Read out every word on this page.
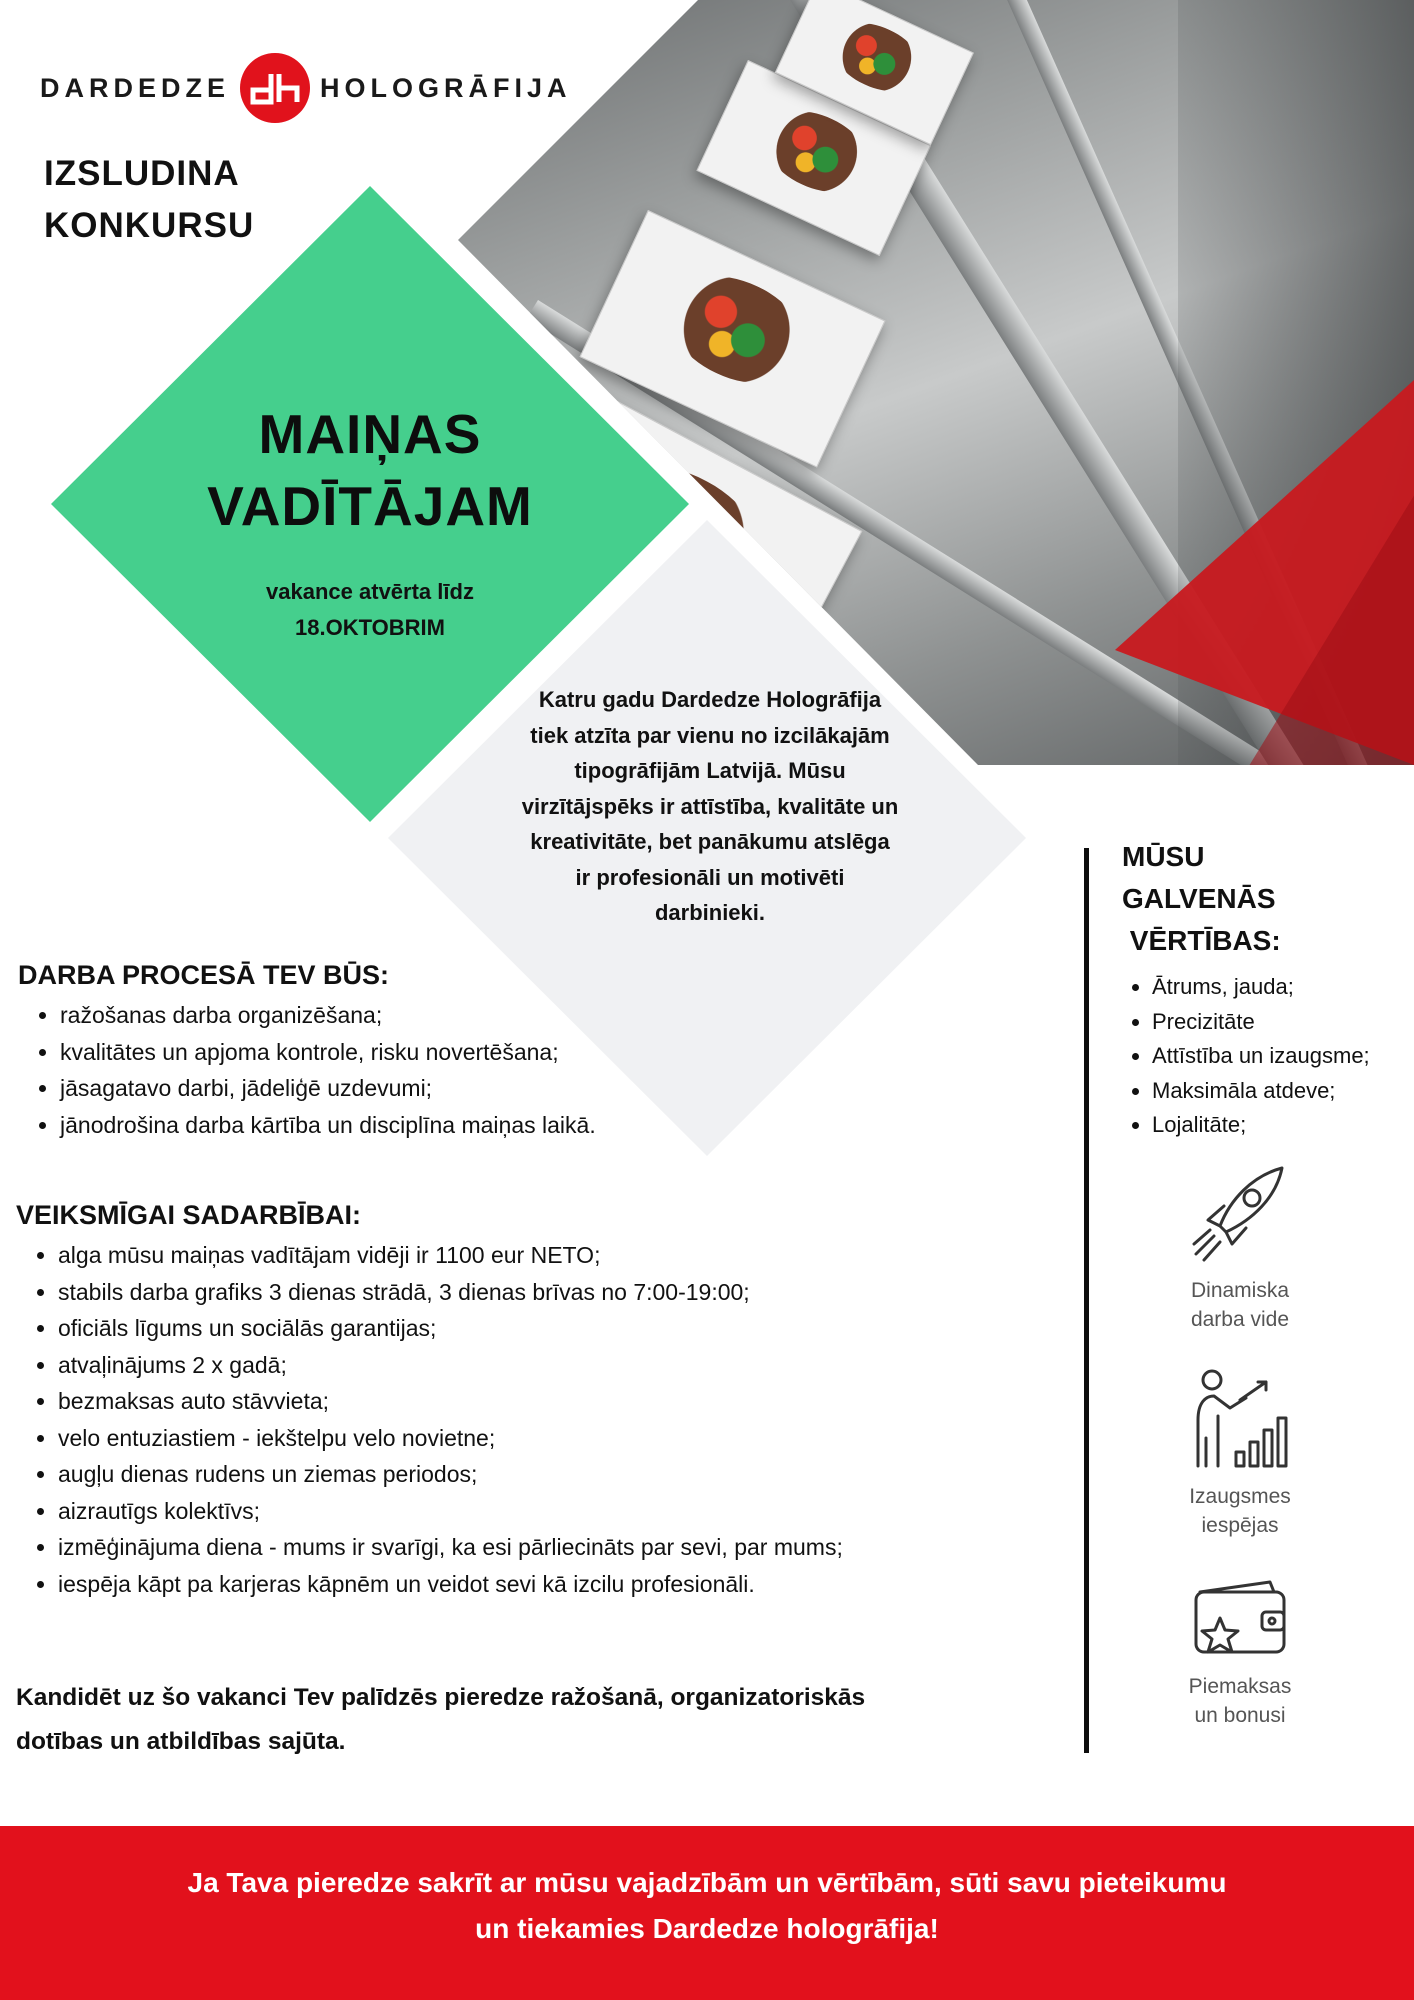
DARDEDZE	HOLOGRĀFIJA
IZSLUDINA
KONKURSU
MAIŅAS
VADĪTĀJAM
vakance atvērta līdz
18.OKTOBRIM
Katru gadu Dardedze Hologrāfija tiek atzīta par vienu no izcilākajām tipogrāfijām Latvijā. Mūsu virzītājspēks ir attīstība, kvalitāte un kreativitāte, bet panākumu atslēga ir profesionāli un motivēti darbinieki.
DARBA PROCESĀ TEV BŪS:
• ražošanas darba organizēšana;
• kvalitātes un apjoma kontrole, risku novertēšana;
• jāsagatavo darbi, jādeliģē uzdevumi;
• jānodrošina darba kārtība un disciplīna maiņas laikā.
VEIKSMĪGAI SADARBĪBAI:
• alga mūsu maiņas vadītājam vidēji ir 1100 eur NETO;
• stabils darba grafiks 3 dienas strādā, 3 dienas brīvas no 7:00-19:00;
• oficiāls līgums un sociālās garantijas;
• atvaļinājums 2 x gadā;
• bezmaksas auto stāvvieta;
• velo entuziastiem - iekštelpu velo novietne;
• augļu dienas rudens un ziemas periodos;
• aizrautīgs kolektīvs;
• izmēģinājuma diena - mums ir svarīgi, ka esi pārliecināts par sevi, par mums;
• iespēja kāpt pa karjeras kāpnēm un veidot sevi kā izcilu profesionāli.
Kandidēt uz šo vakanci Tev palīdzēs pieredze ražošanā, organizatoriskās
dotības un atbildības sajūta.
MŪSU
GALVENĀS
VĒRTĪBAS:
• Ātrums, jauda;
• Precizitāte
• Attīstība un izaugsme;
• Maksimāla atdeve;
• Lojalitāte;
Dinamiska
darba vide
Izaugsmes
iespējas
Piemaksas
un bonusi
Ja Tava pieredze sakrīt ar mūsu vajadzībām un vērtībām, sūti savu pieteikumu
un tiekamies Dardedze hologrāfija!
